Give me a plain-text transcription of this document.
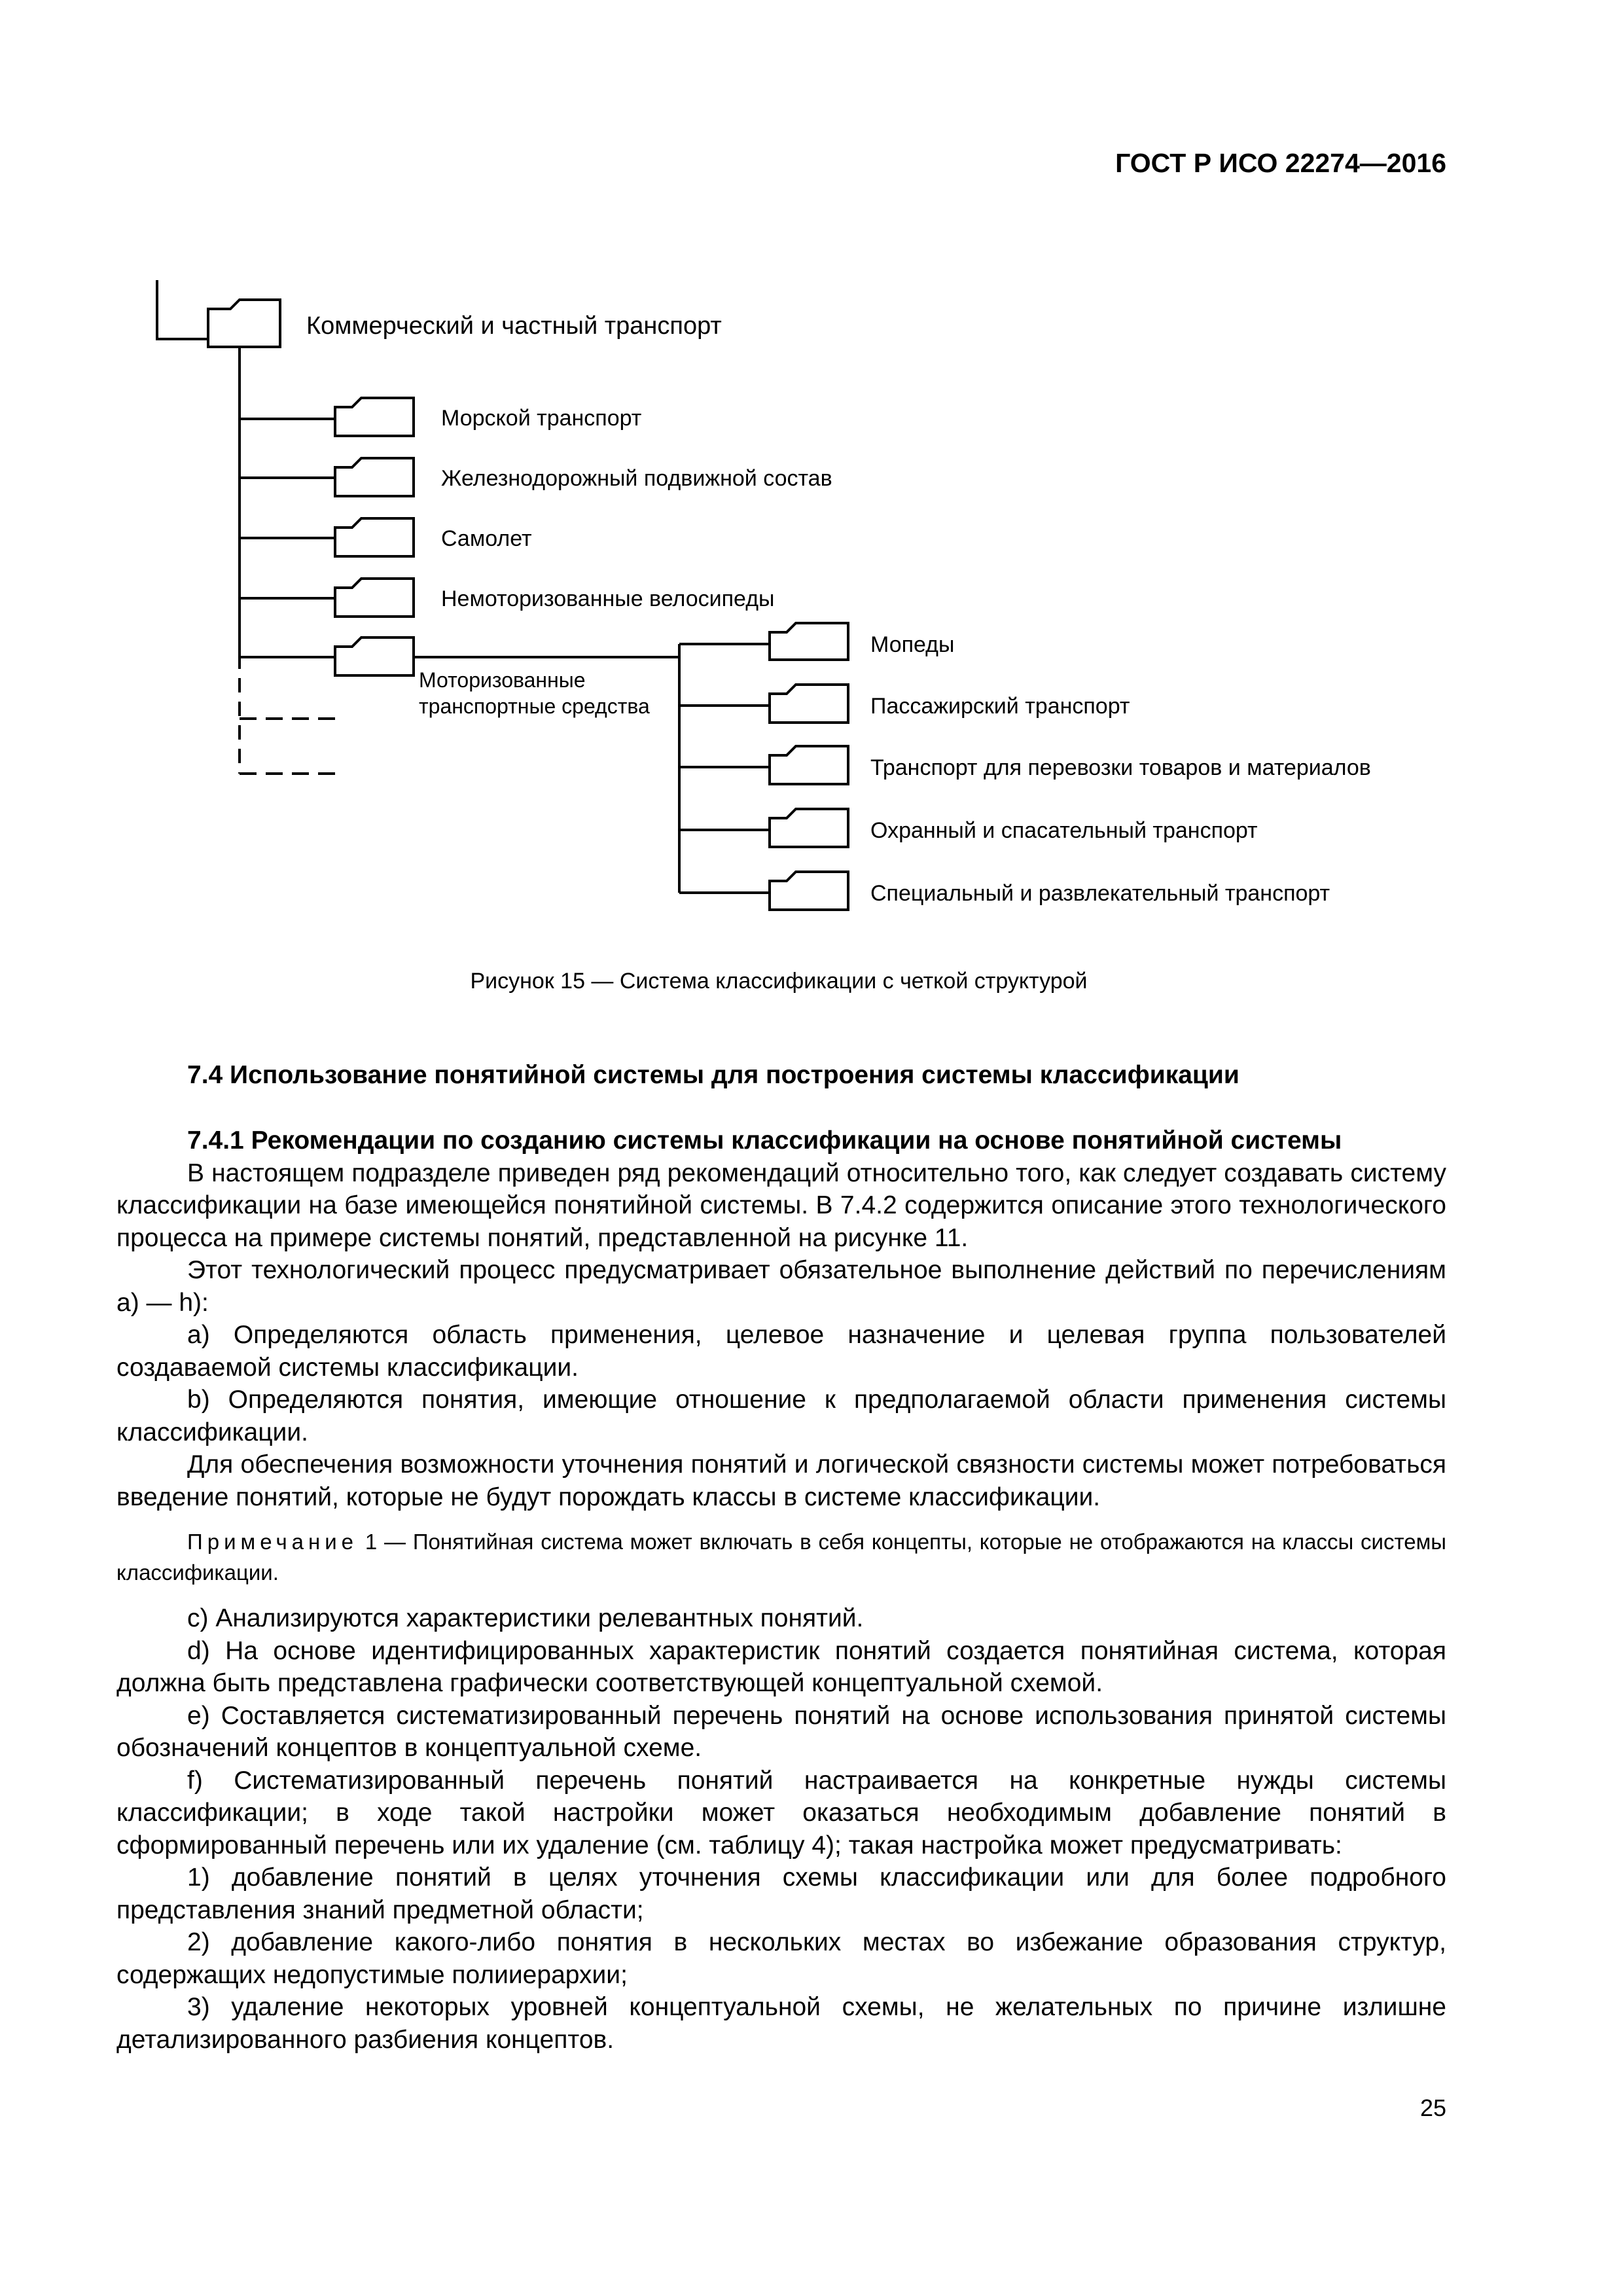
ГОСТ Р ИСО 22274—2016
Коммерческий и частный транспорт
Морской транспорт
Железнодорожный подвижной состав
Самолет
Немоторизованные велосипеды
Моторизованные
транспортные средства
Мопеды
Пассажирский транспорт
Транспорт для перевозки товаров и материалов
Охранный и спасательный транспорт
Специальный и развлекательный транспорт
Рисунок 15 — Система классификации с четкой структурой

7.4 Использование понятийной системы для построения системы классификации

7.4.1 Рекомендации по созданию системы классификации на основе понятийной системы

В настоящем подразделе приведен ряд рекомендаций относительно того, как следует создавать систему классификации на базе имеющейся понятийной системы. В 7.4.2 содержится описание этого технологического процесса на примере системы понятий, представленной на рисунке 11.

Этот технологический процесс предусматривает обязательное выполнение действий по перечислениям а) — h):

а) Определяются область применения, целевое назначение и целевая группа пользователей создаваемой системы классификации.

b) Определяются понятия, имеющие отношение к предполагаемой области применения системы классификации.

Для обеспечения возможности уточнения понятий и логической связности системы может потребоваться введение понятий, которые не будут порождать классы в системе классификации.

Примечание 1 — Понятийная система может включать в себя концепты, которые не отображаются на классы системы классификации.

с) Анализируются характеристики релевантных понятий.

d) На основе идентифицированных характеристик понятий создается понятийная система, которая должна быть представлена графически соответствующей концептуальной схемой.

е) Составляется систематизированный перечень понятий на основе использования принятой системы обозначений концептов в концептуальной схеме.

f) Систематизированный перечень понятий настраивается на конкретные нужды системы классификации; в ходе такой настройки может оказаться необходимым добавление понятий в сформированный перечень или их удаление (см. таблицу 4); такая настройка может предусматривать:

1) добавление понятий в целях уточнения схемы классификации или для более подробного представления знаний предметной области;

2) добавление какого-либо понятия в нескольких местах во избежание образования структур, содержащих недопустимые полииерархии;

3) удаление некоторых уровней концептуальной схемы, не желательных по причине излишне детализированного разбиения концептов.

25
